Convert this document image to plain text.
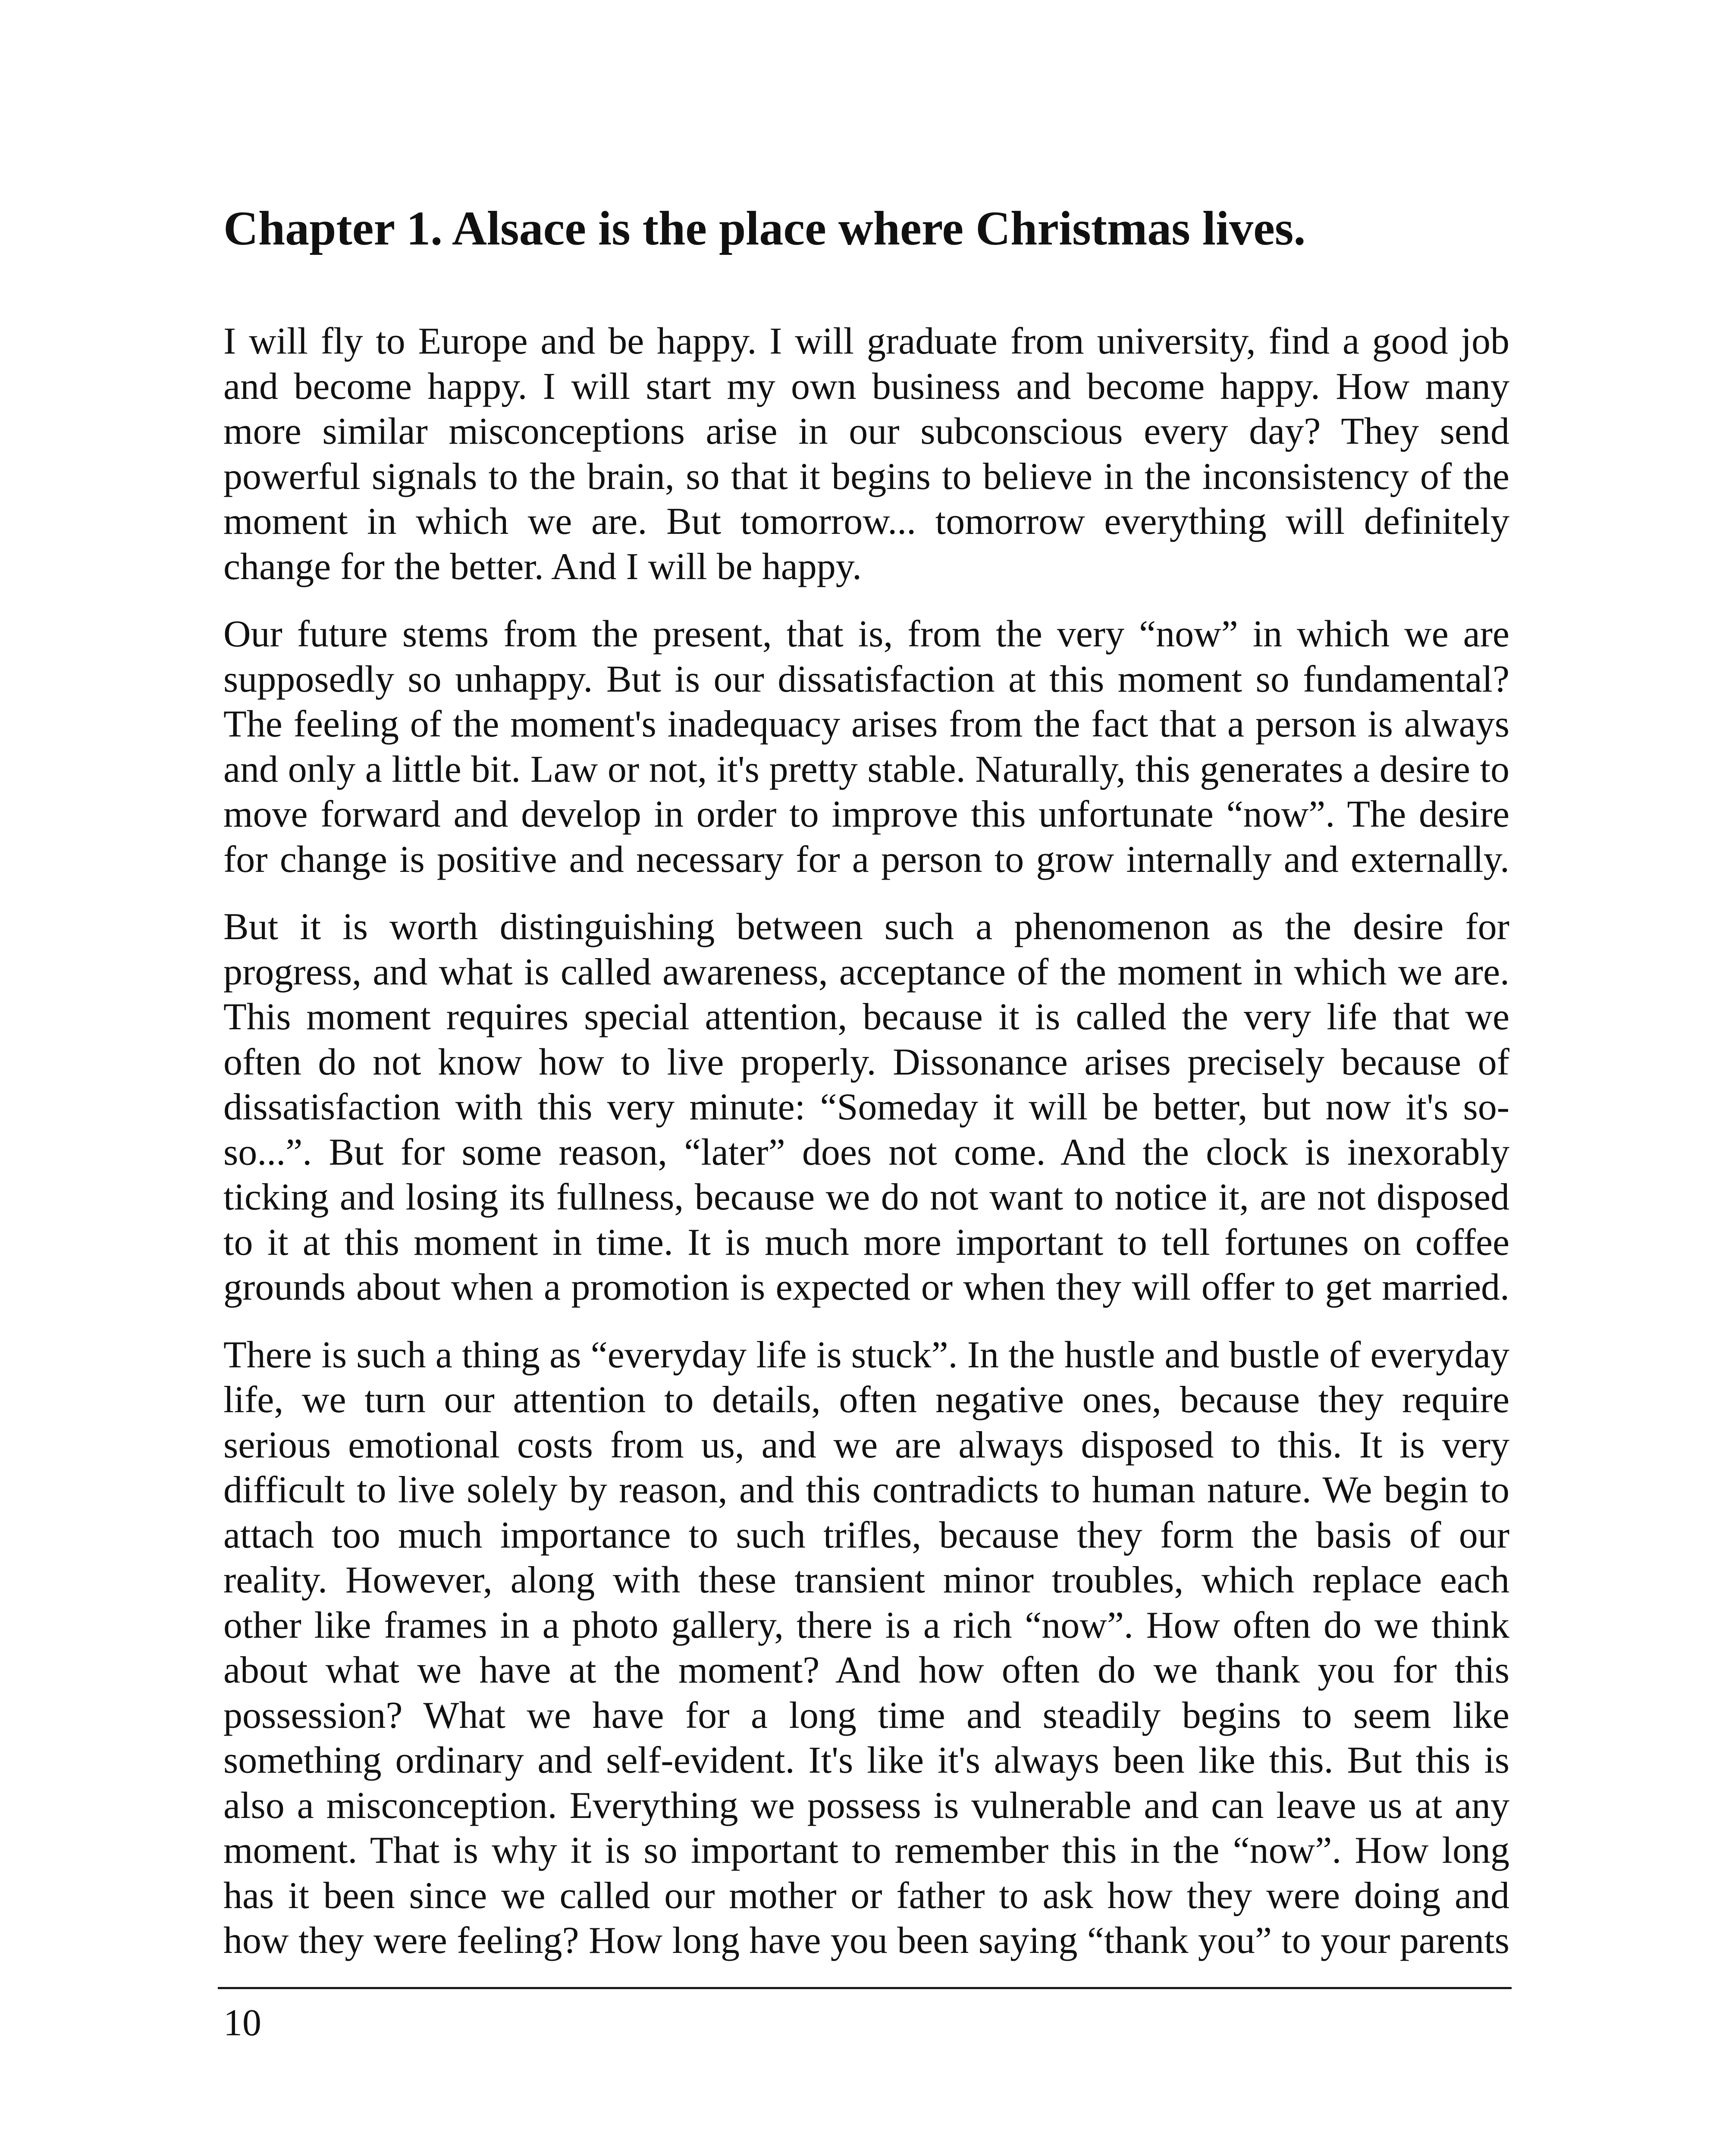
Chapter 1. Alsace is the place where Christmas lives.

I will fly to Europe and be happy. I will graduate from university, find a good job and become happy. I will start my own business and become happy. How many more similar misconceptions arise in our subconscious every day? They send powerful signals to the brain, so that it begins to believe in the inconsistency of the moment in which we are. But tomorrow... tomorrow everything will definitely
change for the better. And I will be happy.

Our future stems from the present, that is, from the very “now” in which we are supposedly so unhappy. But is our dissatisfaction at this moment so fundamental? The feeling of the moment's inadequacy arises from the fact that a person is always and only a little bit. Law or not, it's pretty stable. Naturally, this generates a desire to move forward and develop in order to improve this unfortunate “now”. The desire for change is positive and necessary for a person to grow internally and externally.

But it is worth distinguishing between such a phenomenon as the desire for progress, and what is called awareness, acceptance of the moment in which we are. This moment requires special attention, because it is called the very life that we often do not know how to live properly. Dissonance arises precisely because of dissatisfaction with this very minute: “Someday it will be better, but now it's so-so...”. But for some reason, “later” does not come. And the clock is inexorably ticking and losing its fullness, because we do not want to notice it, are not disposed to it at this moment in time. It is much more important to tell fortunes on coffee grounds about when a promotion is expected or when they will offer to get married.

There is such a thing as “everyday life is stuck”. In the hustle and bustle of everyday life, we turn our attention to details, often negative ones, because they require serious emotional costs from us, and we are always disposed to this. It is very difficult to live solely by reason, and this contradicts to human nature. We begin to attach too much importance to such trifles, because they form the basis of our reality. However, along with these transient minor troubles, which replace each other like frames in a photo gallery, there is a rich “now”. How often do we think about what we have at the moment? And how often do we thank you for this possession? What we have for a long time and steadily begins to seem like something ordinary and self-evident. It's like it's always been like this. But this is also a misconception. Everything we possess is vulnerable and can leave us at any moment. That is why it is so important to remember this in the “now”. How long has it been since we called our mother or father to ask how they were doing and how they were feeling? How long have you been saying “thank you” to your parents

10
